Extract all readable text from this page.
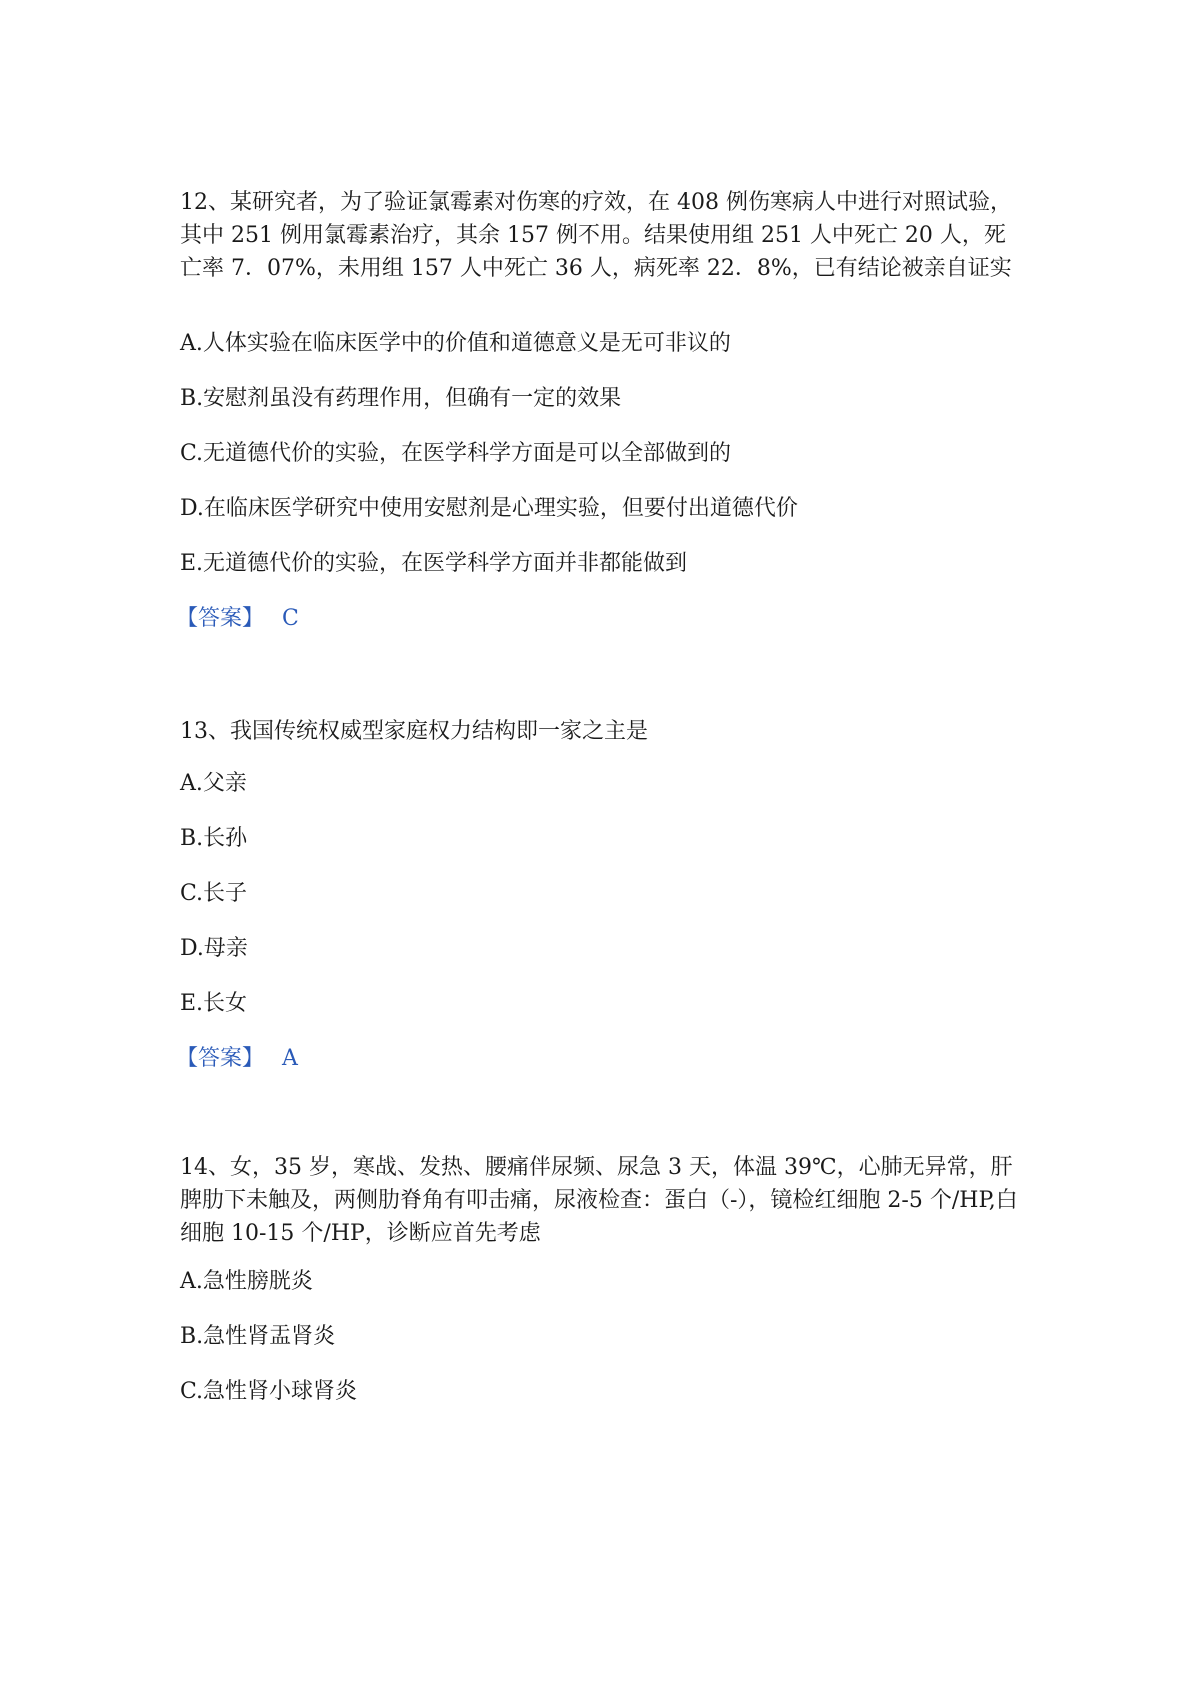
12、某研究者，为了验证氯霉素对伤寒的疗效，在 408 例伤寒病人中进行对照试验，其中 251 例用氯霉素治疗，其余 157 例不用。结果使用组 251 人中死亡 20 人，死亡率 7．07%，未用组 157 人中死亡 36 人，病死率 22．8%，已有结论被亲自证实

A.人体实验在临床医学中的价值和道德意义是无可非议的

B.安慰剂虽没有药理作用，但确有一定的效果

C.无道德代价的实验，在医学科学方面是可以全部做到的

D.在临床医学研究中使用安慰剂是心理实验，但要付出道德代价

E.无道德代价的实验，在医学科学方面并非都能做到

【答案】 C

13、我国传统权威型家庭权力结构即一家之主是

A.父亲

B.长孙

C.长子

D.母亲

E.长女

【答案】 A

14、女，35 岁，寒战、发热、腰痛伴尿频、尿急 3 天，体温 39℃，心肺无异常，肝脾肋下未触及，两侧肋脊角有叩击痛，尿液检查：蛋白（-），镜检红细胞 2-5 个/HP,白细胞 10-15 个/HP，诊断应首先考虑

A.急性膀胱炎

B.急性肾盂肾炎

C.急性肾小球肾炎
